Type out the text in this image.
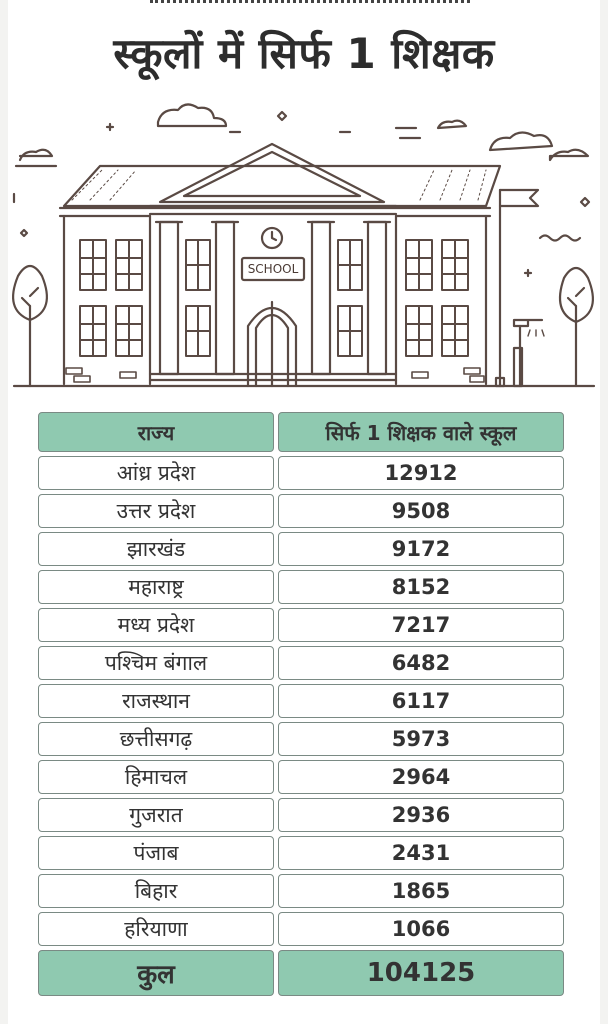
स्कूलों में सिर्फ 1 शिक्षक
SCHOOL
राज्य	सिर्फ 1 शिक्षक वाले स्कूल
आंध्र प्रदेश	12912
उत्तर प्रदेश	9508
झारखंड	9172
महाराष्ट्र	8152
मध्य प्रदेश	7217
पश्चिम बंगाल	6482
राजस्थान	6117
छत्तीसगढ़	5973
हिमाचल	2964
गुजरात	2936
पंजाब	2431
बिहार	1865
हरियाणा	1066
कुल	104125
